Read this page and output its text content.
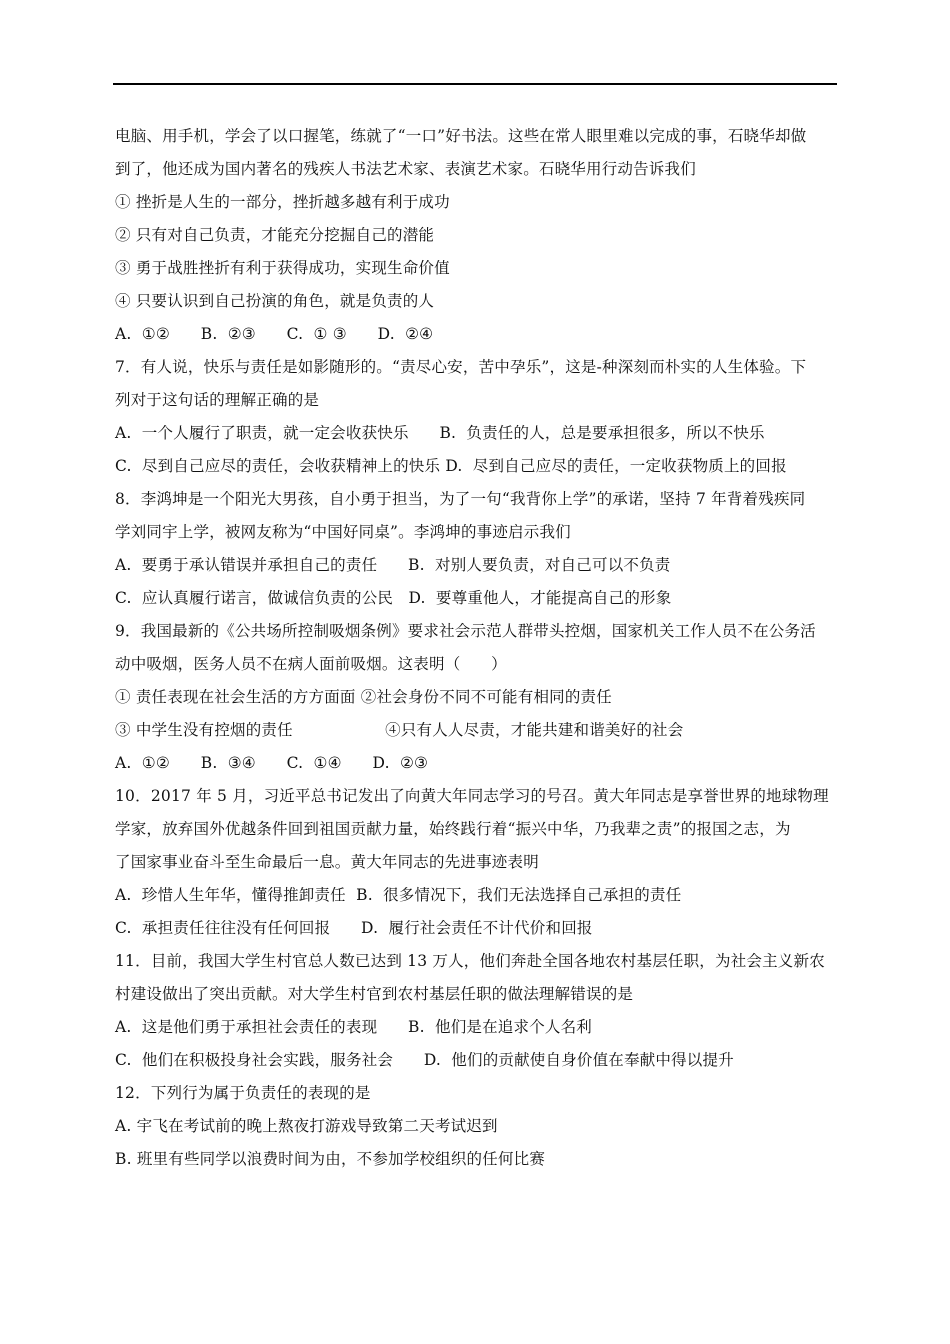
电脑、用手机，学会了以口握笔，练就了“一口”好书法。这些在常人眼里难以完成的事，石晓华却做
到了，他还成为国内著名的残疾人书法艺术家、表演艺术家。石晓华用行动告诉我们
① 挫折是人生的一部分，挫折越多越有利于成功
② 只有对自己负责，才能充分挖掘自己的潜能
③ 勇于战胜挫折有利于获得成功，实现生命价值
④ 只要认识到自己扮演的角色，就是负责的人
A.  ①②      B.  ②③      C.  ① ③      D.  ②④
7．有人说，快乐与责任是如影随形的。“责尽心安，苦中孕乐”，这是-种深刻而朴实的人生体验。下
列对于这句话的理解正确的是
A.  一个人履行了职责，就一定会收获快乐      B.  负责任的人，总是要承担很多，所以不快乐
C.  尽到自己应尽的责任，会收获精神上的快乐 D.  尽到自己应尽的责任，一定收获物质上的回报
8．李鸿坤是一个阳光大男孩，自小勇于担当，为了一句“我背你上学”的承诺，坚持 7 年背着残疾同
学刘同宇上学，被网友称为“中国好同桌”。李鸿坤的事迹启示我们
A.  要勇于承认错误并承担自己的责任      B.  对别人要负责，对自己可以不负责
C.  应认真履行诺言，做诚信负责的公民   D.  要尊重他人，才能提高自己的形象
9．我国最新的《公共场所控制吸烟条例》要求社会示范人群带头控烟，国家机关工作人员不在公务活
动中吸烟，医务人员不在病人面前吸烟。这表明（      ）
① 责任表现在社会生活的方方面面 ②社会身份不同不可能有相同的责任
③ 中学生没有控烟的责任                  ④只有人人尽责，才能共建和谐美好的社会
A.  ①②      B.  ③④      C.  ①④      D.  ②③
10．2017 年 5 月，习近平总书记发出了向黄大年同志学习的号召。黄大年同志是享誉世界的地球物理
学家，放弃国外优越条件回到祖国贡献力量，始终践行着“振兴中华，乃我辈之责”的报国之志，为
了国家事业奋斗至生命最后一息。黄大年同志的先进事迹表明
A.  珍惜人生年华，懂得推卸责任  B.  很多情况下，我们无法选择自己承担的责任
C.  承担责任往往没有任何回报      D.  履行社会责任不计代价和回报
11．目前，我国大学生村官总人数已达到 13 万人，他们奔赴全国各地农村基层任职，为社会主义新农
村建设做出了突出贡献。对大学生村官到农村基层任职的做法理解错误的是
A.  这是他们勇于承担社会责任的表现      B.  他们是在追求个人名利
C.  他们在积极投身社会实践，服务社会      D.  他们的贡献使自身价值在奉献中得以提升
12．下列行为属于负责任的表现的是
A. 宇飞在考试前的晚上熬夜打游戏导致第二天考试迟到
B. 班里有些同学以浪费时间为由，不参加学校组织的任何比赛
